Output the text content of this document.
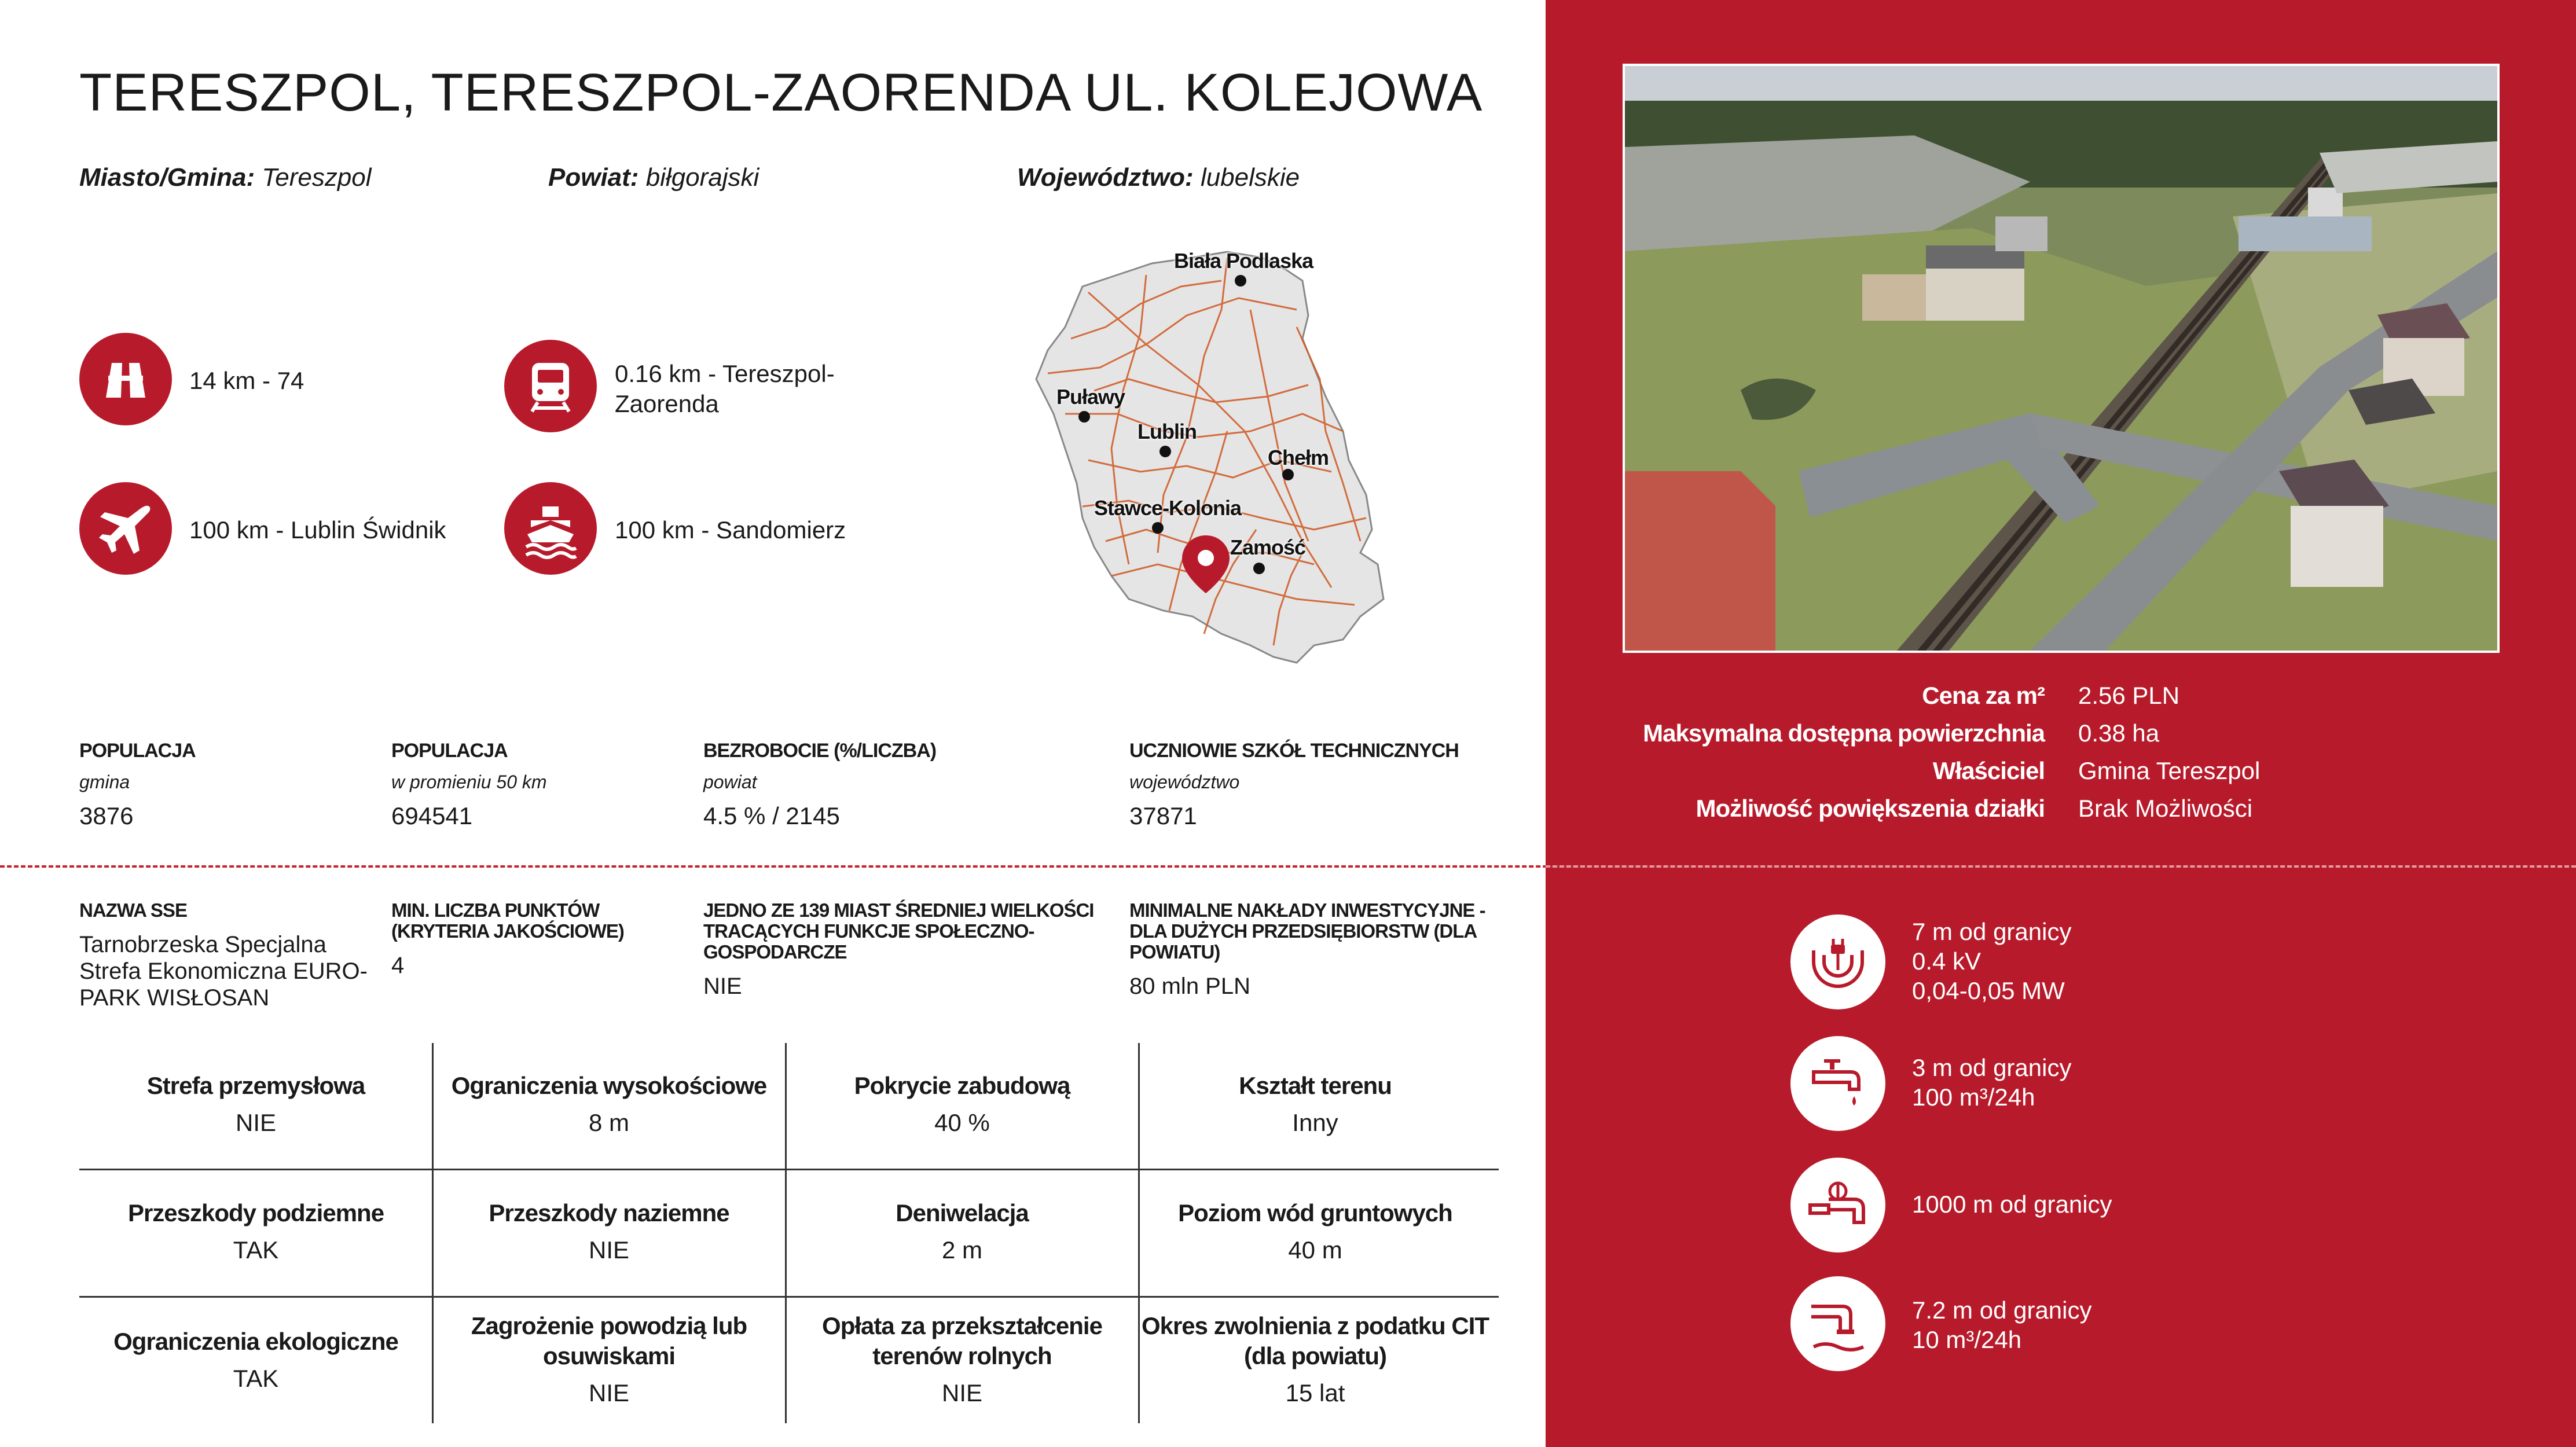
TERESZPOL, TERESZPOL-ZAORENDA UL. KOLEJOWA
Miasto/Gmina: Tereszpol	Powiat: biłgorajski	Województwo: lubelskie
14 km - 74	0.16 km - Tereszpol-Zaorenda
100 km - Lublin Świdnik	100 km - Sandomierz
Biała Podlaska
Puławy
Lublin
Chełm
Stawce-Kolonia
Zamość
POPULACJA
gmina
3876
POPULACJA
w promieniu 50 km
694541
BEZROBOCIE (%/LICZBA)
powiat
4.5 % / 2145
UCZNIOWIE SZKÓŁ TECHNICZNYCH
województwo
37871
NAZWA SSE
Tarnobrzeska Specjalna Strefa Ekonomiczna EURO-PARK WISŁOSAN
MIN. LICZBA PUNKTÓW (KRYTERIA JAKOŚCIOWE)
4
JEDNO ZE 139 MIAST ŚREDNIEJ WIELKOŚCI TRACĄCYCH FUNKCJE SPOŁECZNO-GOSPODARCZE
NIE
MINIMALNE NAKŁADY INWESTYCYJNE - DLA DUŻYCH PRZEDSIĘBIORSTW (DLA POWIATU)
80 mln PLN
Strefa przemysłowa
NIE
Ograniczenia wysokościowe
8 m
Pokrycie zabudową
40 %
Kształt terenu
Inny
Przeszkody podziemne
TAK
Przeszkody naziemne
NIE
Deniwelacja
2 m
Poziom wód gruntowych
40 m
Ograniczenia ekologiczne
TAK
Zagrożenie powodzią lub osuwiskami
NIE
Opłata za przekształcenie terenów rolnych
NIE
Okres zwolnienia z podatku CIT (dla powiatu)
15 lat
Cena za m² 2.56 PLN
Maksymalna dostępna powierzchnia 0.38 ha
Właściciel Gmina Tereszpol
Możliwość powiększenia działki Brak Możliwości
7 m od granicy
0.4 kV
0,04-0,05 MW
3 m od granicy
100 m³/24h
1000 m od granicy
7.2 m od granicy
10 m³/24h
